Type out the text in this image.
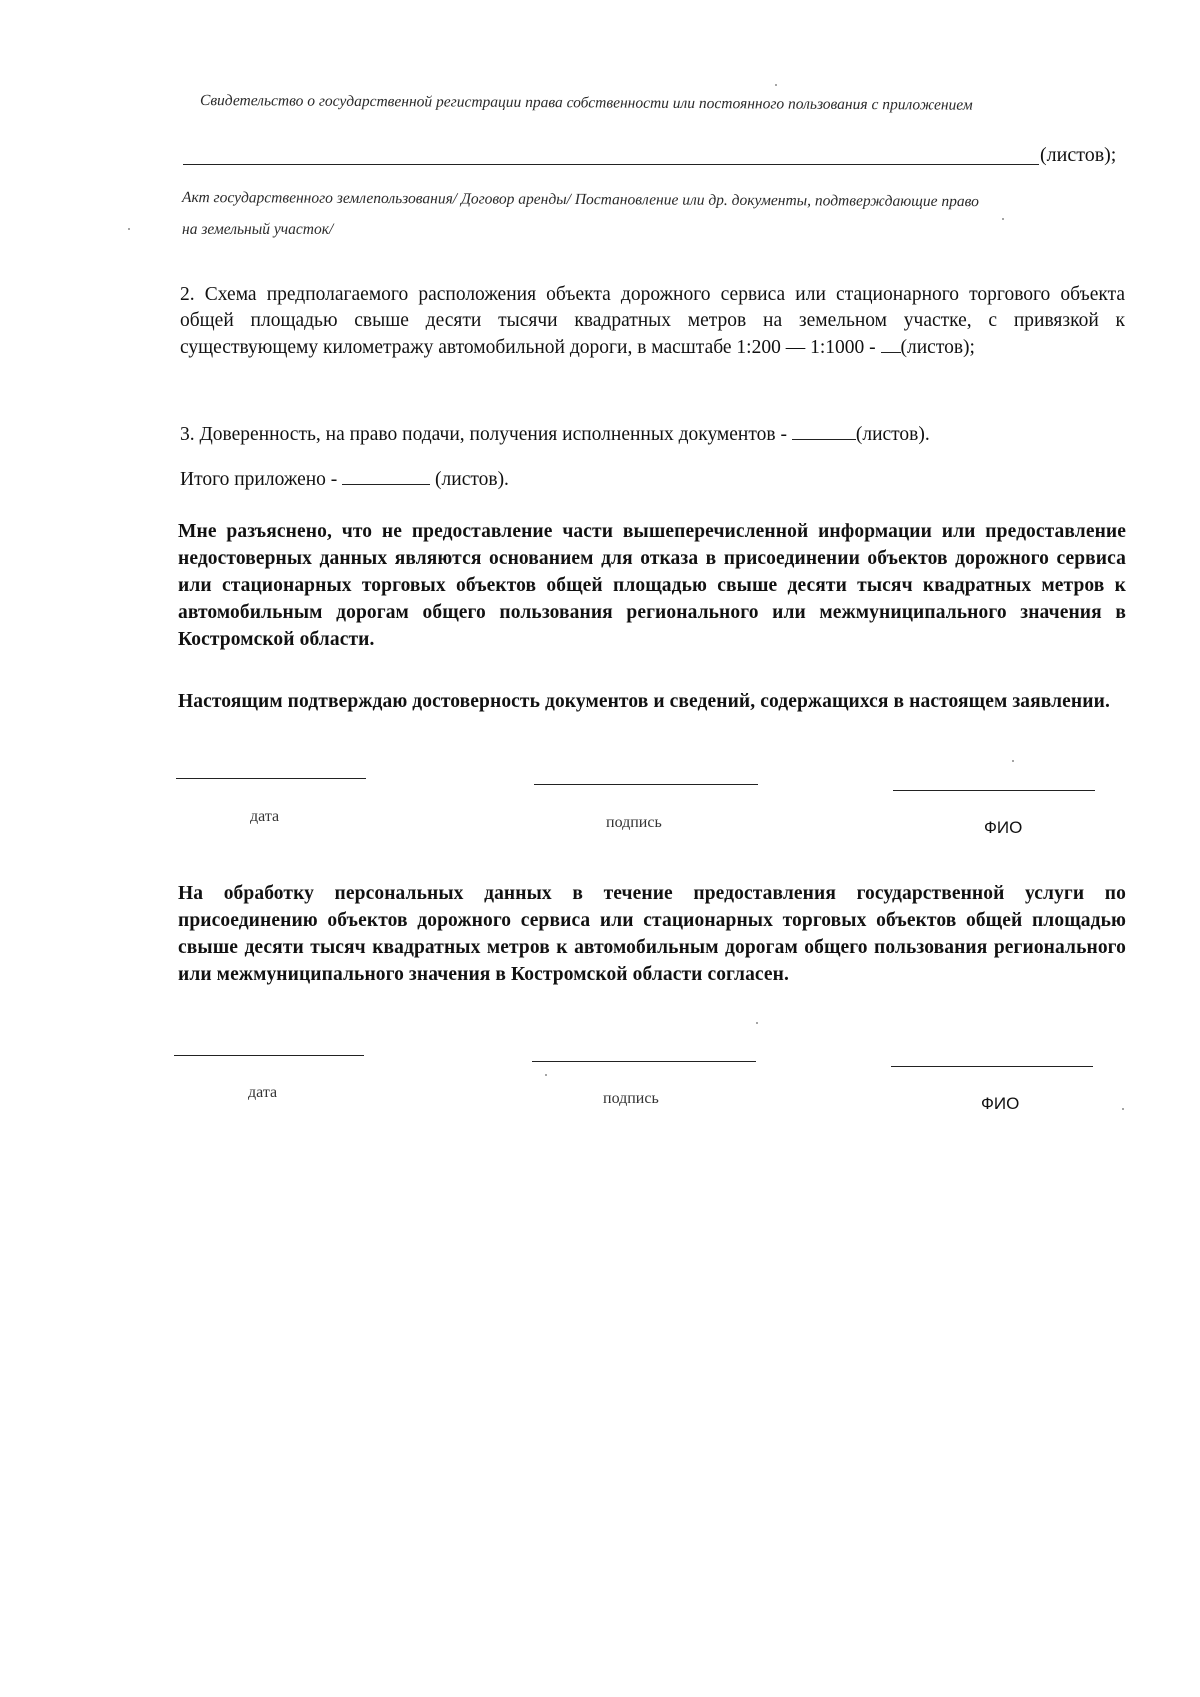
Свидетельство о государственной регистрации права собственности или постоянного пользования с приложением
(листов);
Акт государственного землепользования/ Договор аренды/ Постановление или др. документы, подтверждающие право
на земельный участок/
2. Схема предполагаемого расположения объекта дорожного сервиса или стационарного торгового объекта общей площадью свыше десяти тысячи квадратных метров на земельном участке, с привязкой к существующему километражу автомобильной дороги, в масштабе 1:200 — 1:1000 - (листов);
3. Доверенность, на право подачи, получения исполненных документов -	(листов).
Итого приложено -	(листов).
Мне разъяснено, что не предоставление части вышеперечисленной информации или предоставление недостоверных данных являются основанием для отказа в присоединении объектов дорожного сервиса или стационарных торговых объектов общей площадью свыше десяти тысяч квадратных метров к автомобильным дорогам общего пользования регионального или межмуниципального значения в Костромской области.
Настоящим подтверждаю достоверность документов и сведений, содержащихся в настоящем заявлении.
дата	подпись	ФИО
На обработку персональных данных в течение предоставления государственной услуги по присоединению объектов дорожного сервиса или стационарных торговых объектов общей площадью свыше десяти тысяч квадратных метров к автомобильным дорогам общего пользования регионального или межмуниципального значения в Костромской области согласен.
дата	подпись	ФИО
